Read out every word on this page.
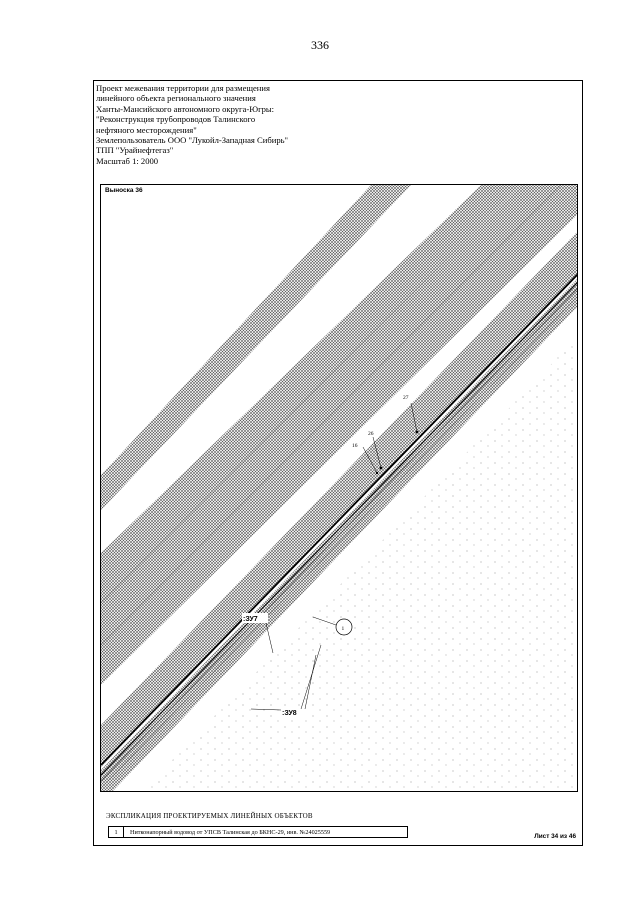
336
Проект межевания территории для размещения
линейного объекта регионального значения
Ханты-Мансийского автономного округа-Югры:
"Реконструкция трубопроводов Талинского
нефтяного месторождения"
Землепользователь ООО "Лукойл-Западная Сибирь"
ТПП "Урайнефтегаз"
Масштаб 1: 2000
Выноска 36
27
26
16
1
:ЗУ7
:ЗУ8
ЭКСПЛИКАЦИЯ ПРОЕКТИРУЕМЫХ ЛИНЕЙНЫХ ОБЪЕКТОВ
1	Нитконапорный водовод от УПСВ Талинская до БКНС-29, инв. №24025559
Лист 34 из 46
